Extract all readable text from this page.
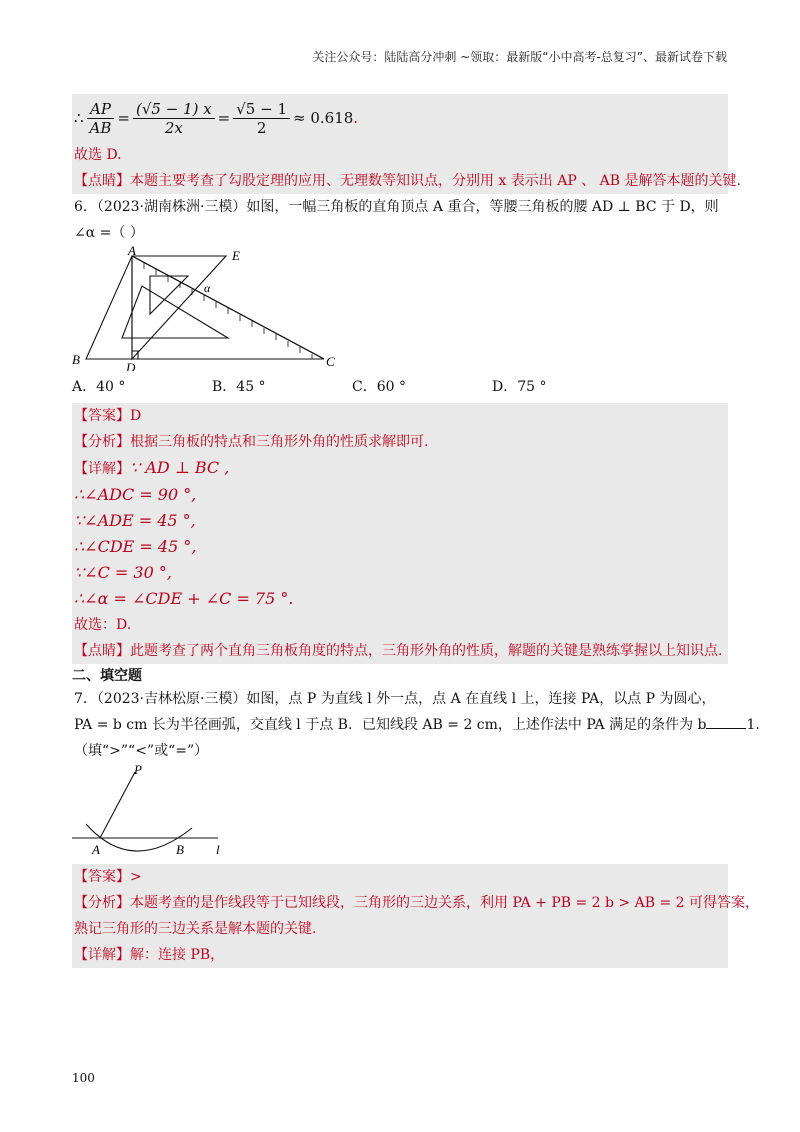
关注公众号：陆陆高分冲刺 ~领取：最新版“小中高考-总复习”、最新试卷下载
∴ $\frac{AP}{AB} = \frac{(√5 - 1) x}{2x} = \frac{√5 - 1}{2} \approx 0.618$ .
故选 D.
【点睛】本题主要考查了勾股定理的应用、无理数等知识点，分别用 x 表示出 AP 、 AB 是解答本题的关键.
6．（2023·湖南株洲·三模）如图，一幅三角板的直角顶点 A 重合，等腰三角板的腰 AD ⊥ BC 于 D，则
∠α =（ ）
A	E
B
D	C
α
A．40 °	B．45 °	C．60 °	D．75 °
【答案】D
【分析】根据三角板的特点和三角形外角的性质求解即可.
【详解】∵ AD ⊥ BC ,
∴∠ADC = 90 °,
∵∠ADE = 45 °,
∴∠CDE = 45 °,
∵∠C = 30 °,
∴∠α = ∠CDE + ∠C = 75 °.
故选：D.
【点睛】此题考查了两个直角三角板角度的特点，三角形外角的性质，解题的关键是熟练掌握以上知识点.
二、填空题
7．（2023·吉林松原·三模）如图，点 P 为直线 l 外一点，点 A 在直线 l 上，连接 PA，以点 P 为圆心，
PA = b cm 长为半径画弧，交直线 l 于点 B．已知线段 AB = 2 cm，上述作法中 PA 满足的条件为 b	1.
（填“>”“<”或“=”）
P
A	B l
【答案】>
【分析】本题考查的是作线段等于已知线段，三角形的三边关系，利用 PA + PB = 2 b > AB = 2 可得答案，
熟记三角形的三边关系是解本题的关键.
【详解】解：连接 PB，
100
